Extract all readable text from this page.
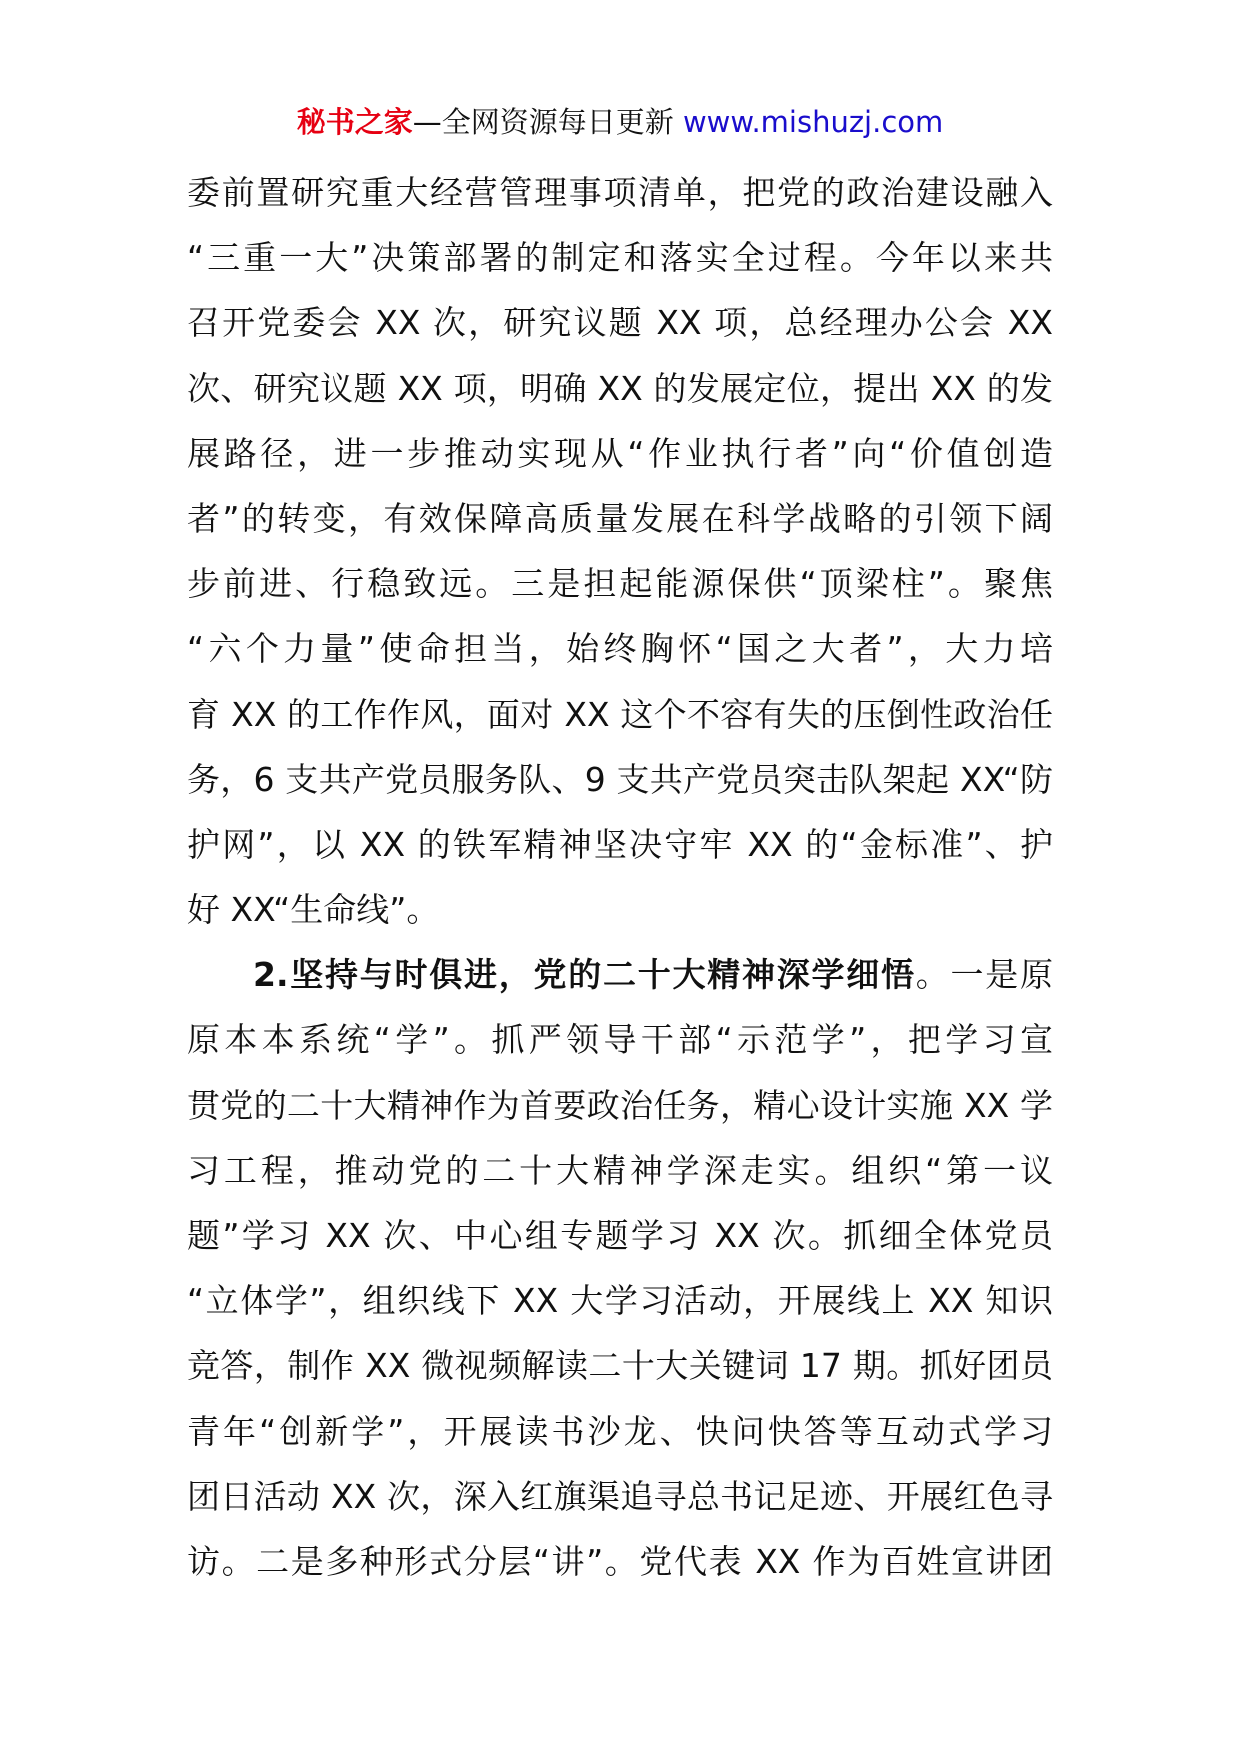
秘书之家—全网资源每日更新 www.mishuzj.com
委前置研究重大经营管理事项清单，把党的政治建设融入
“三重一大”决策部署的制定和落实全过程。今年以来共
召开党委会 XX 次，研究议题 XX 项，总经理办公会 XX
次、研究议题 XX 项，明确 XX 的发展定位，提出 XX 的发
展路径，进一步推动实现从“作业执行者”向“价值创造
者”的转变，有效保障高质量发展在科学战略的引领下阔
步前进、行稳致远。三是担起能源保供“顶梁柱”。聚焦
“六个力量”使命担当，始终胸怀“国之大者”，大力培
育 XX 的工作作风，面对 XX 这个不容有失的压倒性政治任
务，6 支共产党员服务队、9 支共产党员突击队架起 XX“防
护网”，以 XX 的铁军精神坚决守牢 XX 的“金标准”、护
好 XX“生命线”。
2.坚持与时俱进，党的二十大精神深学细悟。一是原
原本本系统“学”。抓严领导干部“示范学”，把学习宣
贯党的二十大精神作为首要政治任务，精心设计实施 XX 学
习工程，推动党的二十大精神学深走实。组织“第一议
题”学习 XX 次、中心组专题学习 XX 次。抓细全体党员
“立体学”，组织线下 XX 大学习活动，开展线上 XX 知识
竞答，制作 XX 微视频解读二十大关键词 17 期。抓好团员
青年“创新学”，开展读书沙龙、快问快答等互动式学习
团日活动 XX 次，深入红旗渠追寻总书记足迹、开展红色寻
访。二是多种形式分层“讲”。党代表 XX 作为百姓宣讲团
